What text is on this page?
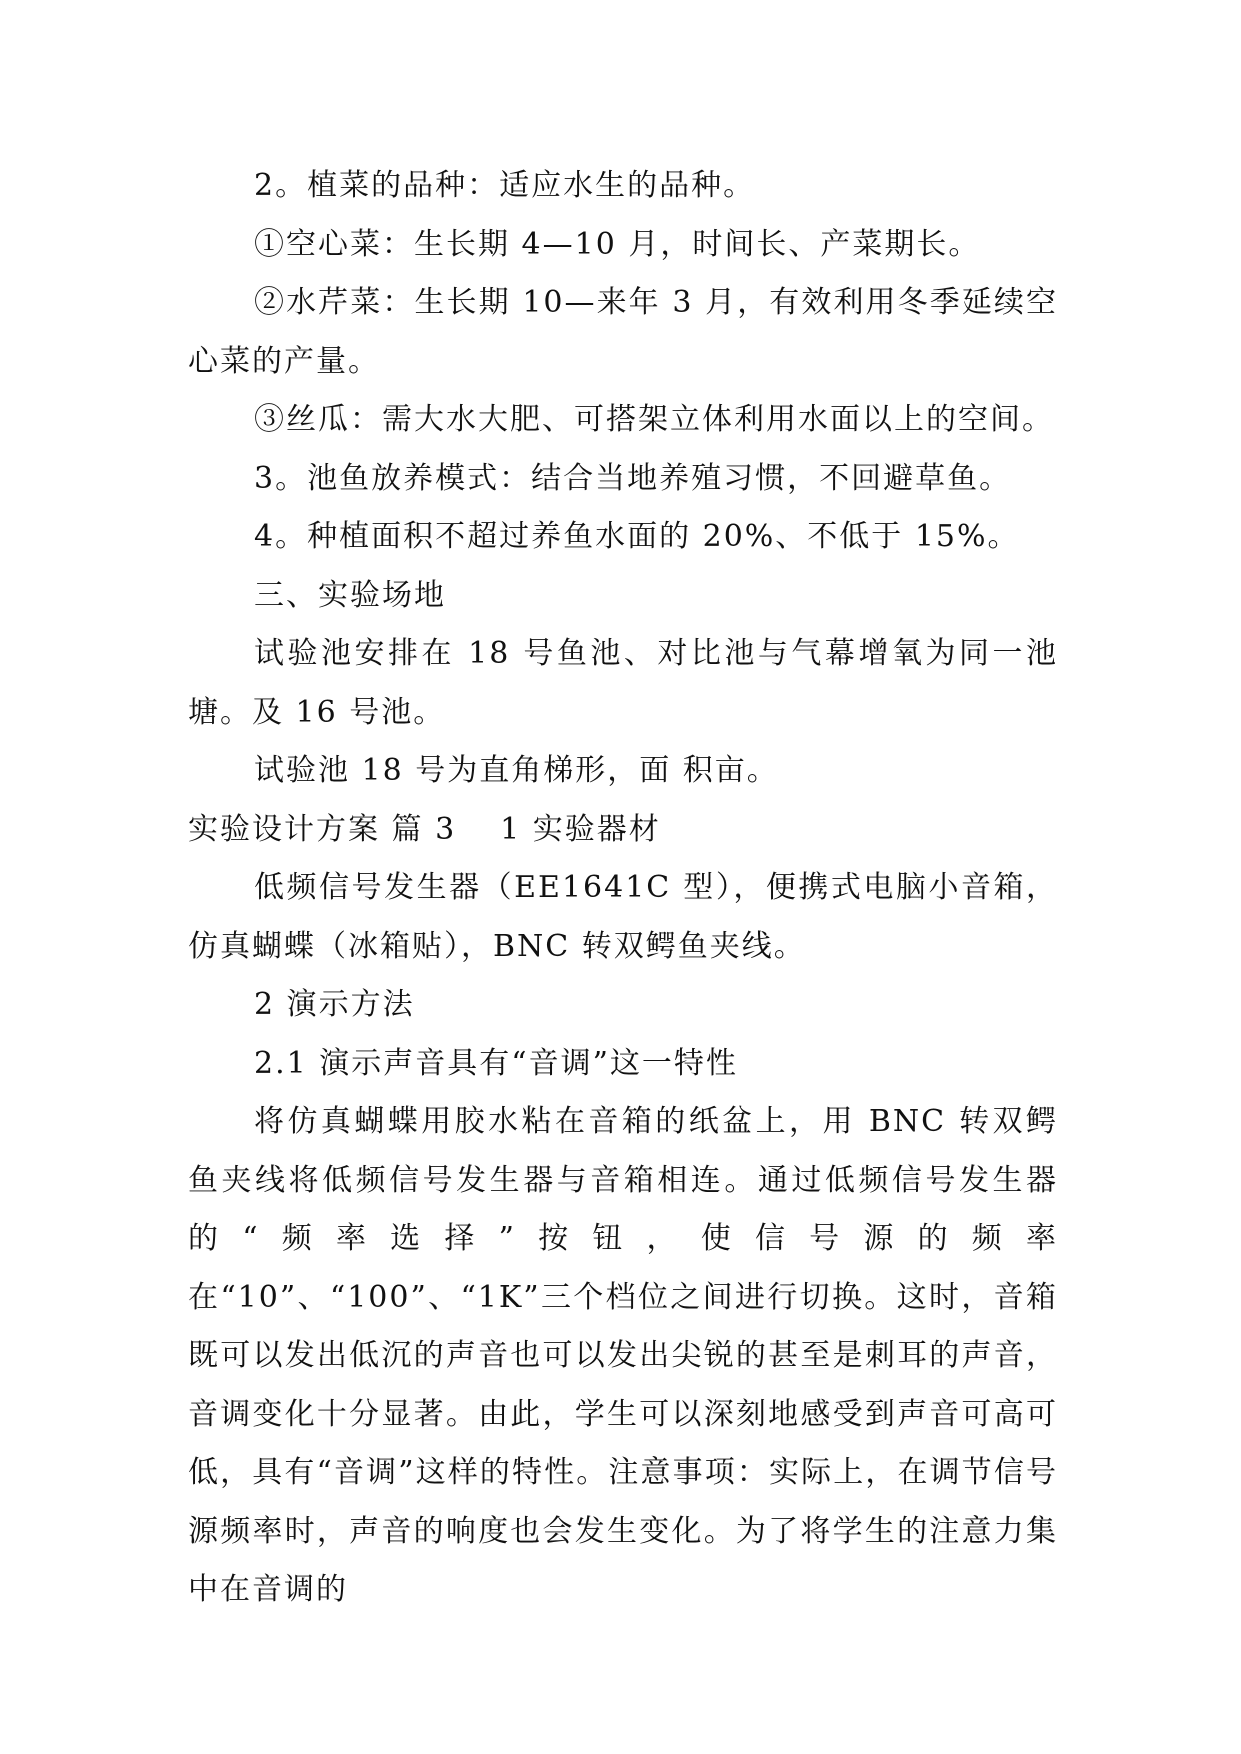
2。植菜的品种：适应水生的品种。

①空心菜：生长期 4—10 月，时间长、产菜期长。

②水芹菜：生长期 10—来年 3 月，有效利用冬季延续空心菜的产量。

③丝瓜：需大水大肥、可搭架立体利用水面以上的空间。

3。池鱼放养模式：结合当地养殖习惯，不回避草鱼。

4。种植面积不超过养鱼水面的 20%、不低于 15%。

三、实验场地

试验池安排在 18 号鱼池、对比池与气幕增氧为同一池塘。及 16 号池。

试验池 18 号为直角梯形，面 积亩。

实验设计方案 篇 3 1 实验器材

低频信号发生器（EE1641C 型），便携式电脑小音箱，仿真蝴蝶（冰箱贴），BNC 转双鳄鱼夹线。

2 演示方法

2.1 演示声音具有“音调”这一特性

将仿真蝴蝶用胶水粘在音箱的纸盆上，用 BNC 转双鳄鱼夹线将低频信号发生器与音箱相连。通过低频信号发生器的“频率选择”按钮，使信号源的频率在“10”、“100”、“1K”三个档位之间进行切换。这时，音箱既可以发出低沉的声音也可以发出尖锐的甚至是刺耳的声音，音调变化十分显著。由此，学生可以深刻地感受到声音可高可低，具有“音调”这样的特性。注意事项：实际上，在调节信号源频率时，声音的响度也会发生变化。为了将学生的注意力集中在音调的
